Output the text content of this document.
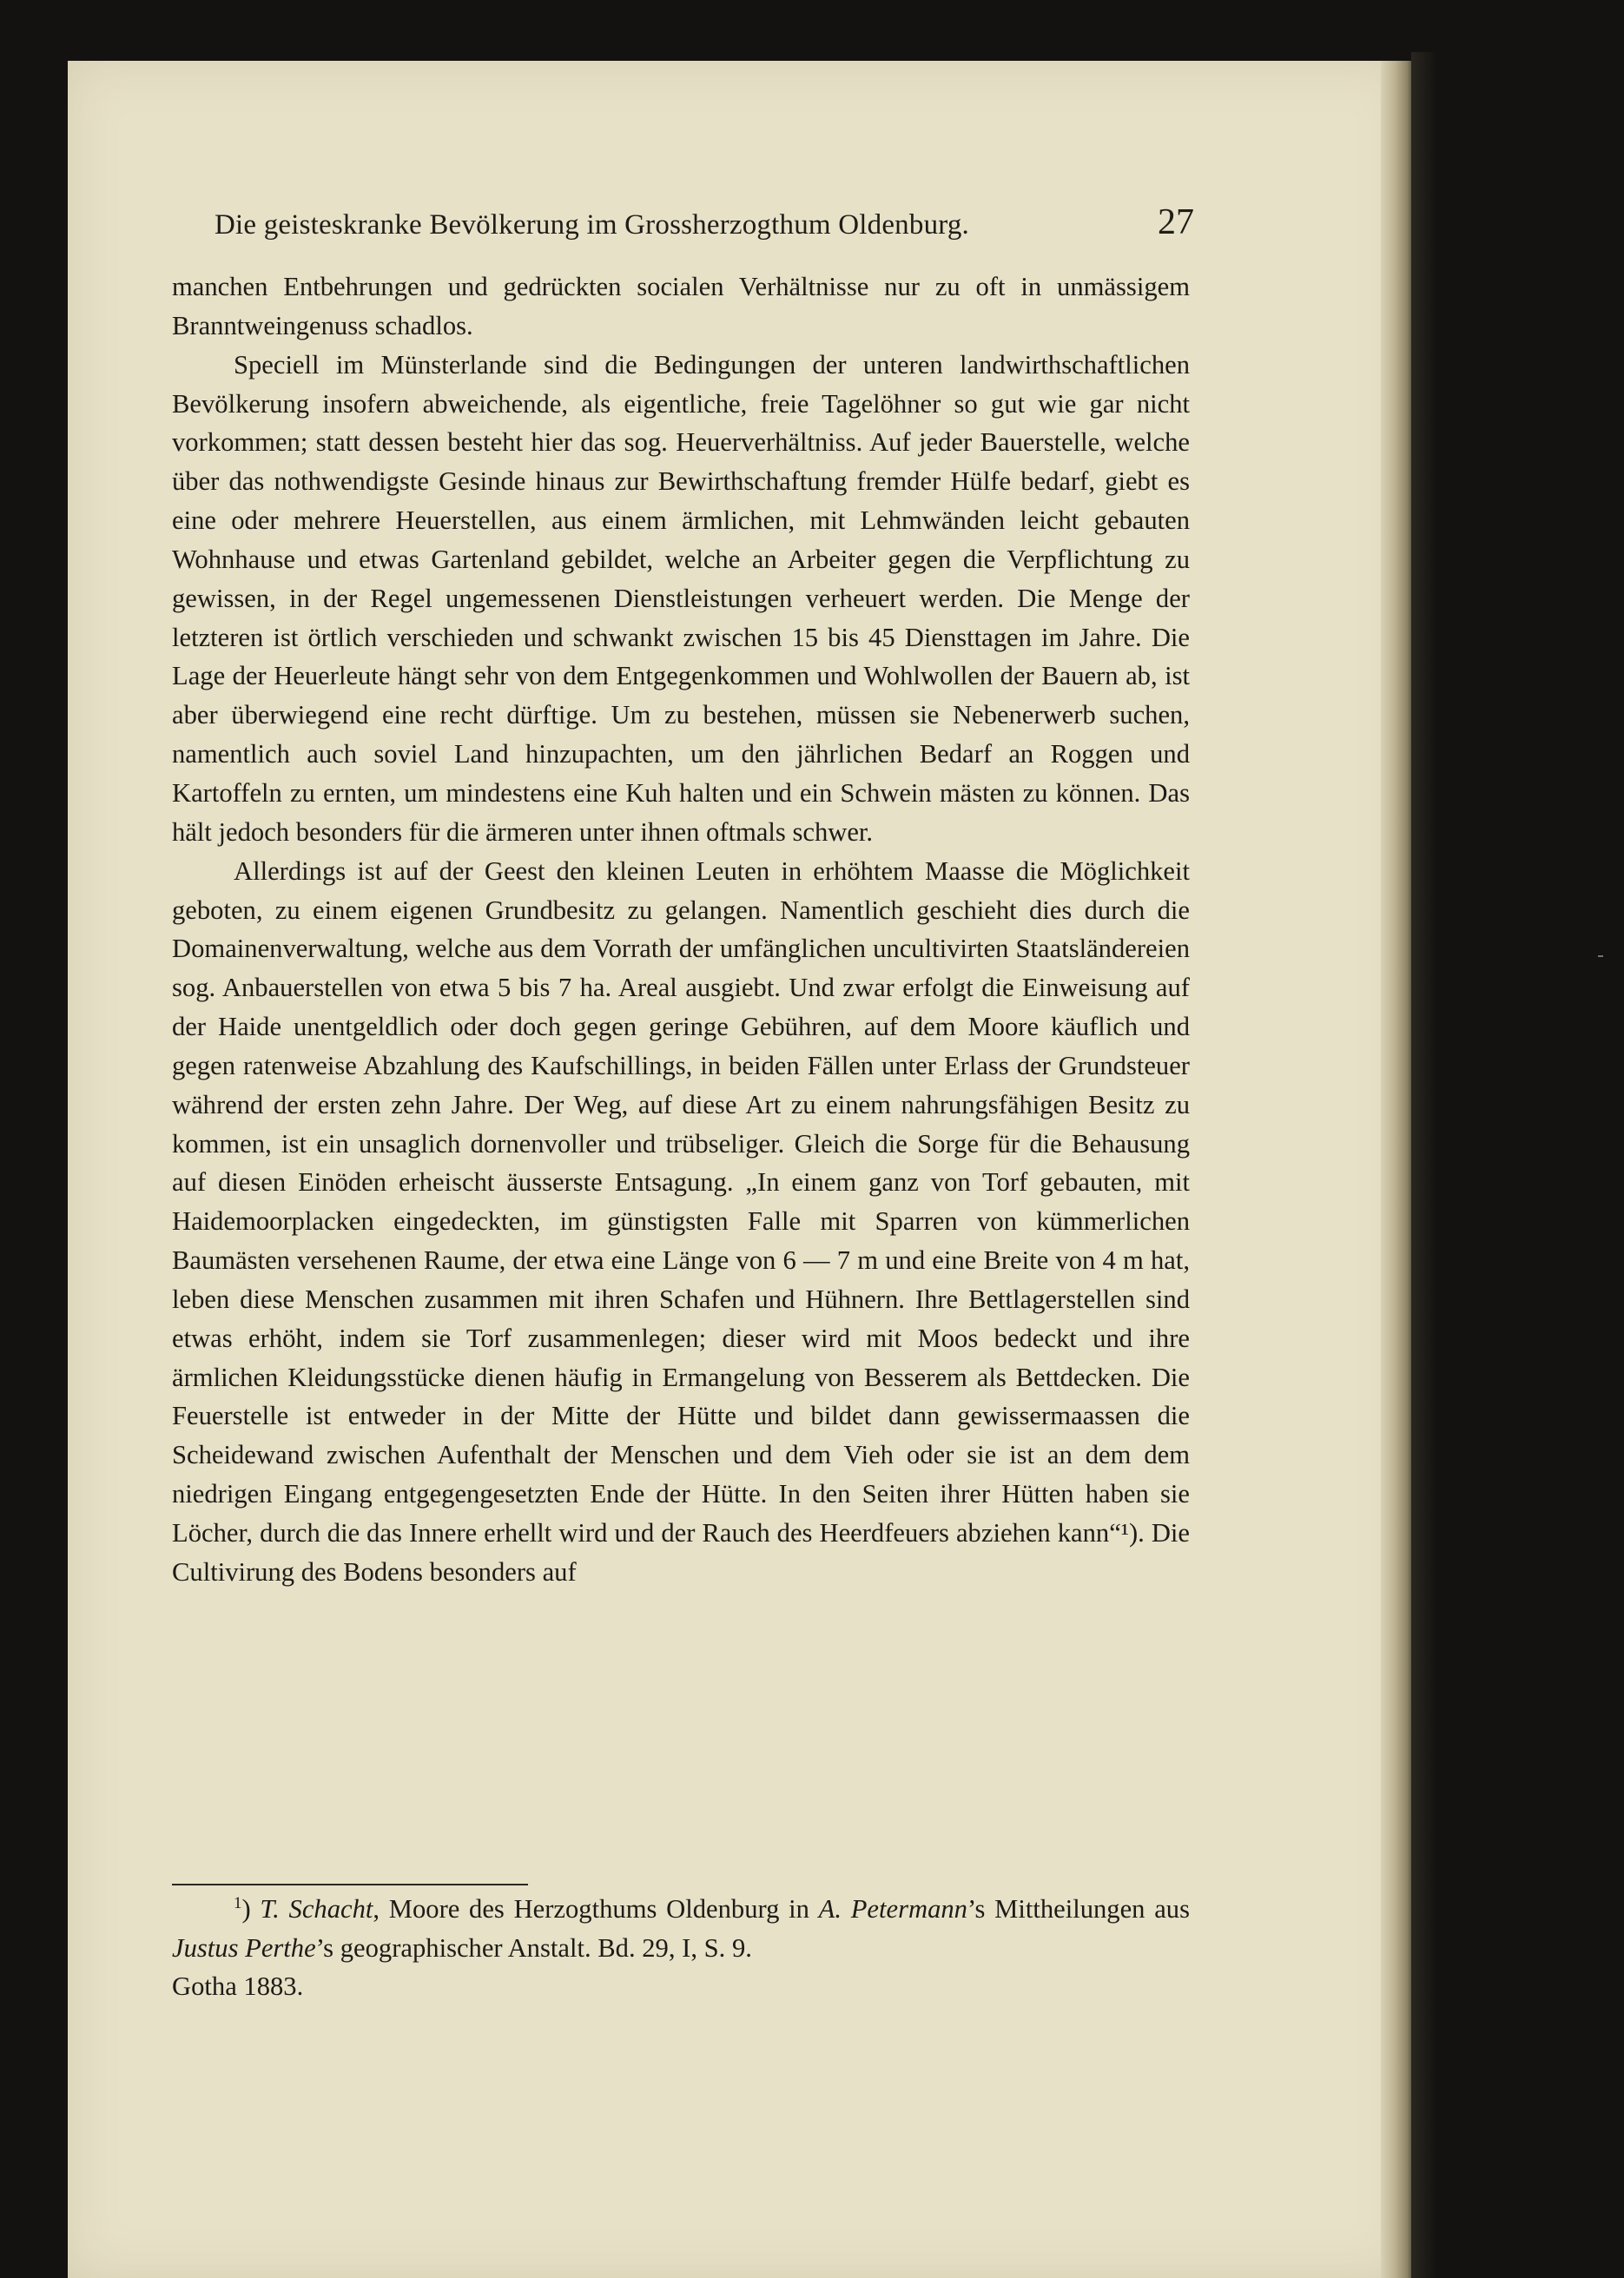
Die geisteskranke Bevölkerung im Grossherzogthum Oldenburg.	27

manchen Entbehrungen und gedrückten socialen Verhältnisse nur zu oft in unmässigem Branntweingenuss schadlos.

Speciell im Münsterlande sind die Bedingungen der unteren landwirthschaftlichen Bevölkerung insofern abweichende, als eigentliche, freie Tagelöhner so gut wie gar nicht vorkommen; statt dessen besteht hier das sog. Heuerverhältniss. Auf jeder Bauerstelle, welche über das nothwendigste Gesinde hinaus zur Bewirthschaftung fremder Hülfe bedarf, giebt es eine oder mehrere Heuerstellen, aus einem ärmlichen, mit Lehmwänden leicht gebauten Wohnhause und etwas Gartenland gebildet, welche an Arbeiter gegen die Verpflichtung zu gewissen, in der Regel ungemessenen Dienstleistungen verheuert werden. Die Menge der letzteren ist örtlich verschieden und schwankt zwischen 15 bis 45 Diensttagen im Jahre. Die Lage der Heuerleute hängt sehr von dem Entgegenkommen und Wohlwollen der Bauern ab, ist aber überwiegend eine recht dürftige. Um zu bestehen, müssen sie Nebenerwerb suchen, namentlich auch soviel Land hinzupachten, um den jährlichen Bedarf an Roggen und Kartoffeln zu ernten, um mindestens eine Kuh halten und ein Schwein mästen zu können. Das hält jedoch besonders für die ärmeren unter ihnen oftmals schwer.

Allerdings ist auf der Geest den kleinen Leuten in erhöhtem Maasse die Möglichkeit geboten, zu einem eigenen Grundbesitz zu gelangen. Namentlich geschieht dies durch die Domainenverwaltung, welche aus dem Vorrath der umfänglichen uncultivirten Staatsländereien sog. Anbauerstellen von etwa 5 bis 7 ha. Areal ausgiebt. Und zwar erfolgt die Einweisung auf der Haide unentgeldlich oder doch gegen geringe Gebühren, auf dem Moore käuflich und gegen ratenweise Abzahlung des Kaufschillings, in beiden Fällen unter Erlass der Grundsteuer während der ersten zehn Jahre. Der Weg, auf diese Art zu einem nahrungsfähigen Besitz zu kommen, ist ein unsaglich dornenvoller und trübseliger. Gleich die Sorge für die Behausung auf diesen Einöden erheischt äusserste Entsagung. „In einem ganz von Torf gebauten, mit Haidemoorplacken eingedeckten, im günstigsten Falle mit Sparren von kümmerlichen Baumästen versehenen Raume, der etwa eine Länge von 6 — 7 m und eine Breite von 4 m hat, leben diese Menschen zusammen mit ihren Schafen und Hühnern. Ihre Bettlagerstellen sind etwas erhöht, indem sie Torf zusammenlegen; dieser wird mit Moos bedeckt und ihre ärmlichen Kleidungsstücke dienen häufig in Ermangelung von Besserem als Bettdecken. Die Feuerstelle ist entweder in der Mitte der Hütte und bildet dann gewissermaassen die Scheidewand zwischen Aufenthalt der Menschen und dem Vieh oder sie ist an dem dem niedrigen Eingang entgegengesetzten Ende der Hütte. In den Seiten ihrer Hütten haben sie Löcher, durch die das Innere erhellt wird und der Rauch des Heerdfeuers abziehen kann“¹). Die Cultivirung des Bodens besonders auf

$^1$) T. Schacht, Moore des Herzogthums Oldenburg in A. Petermann’s Mittheilungen aus Justus Perthe’s geographischer Anstalt. Bd. 29, I, S. 9.
Gotha 1883.
